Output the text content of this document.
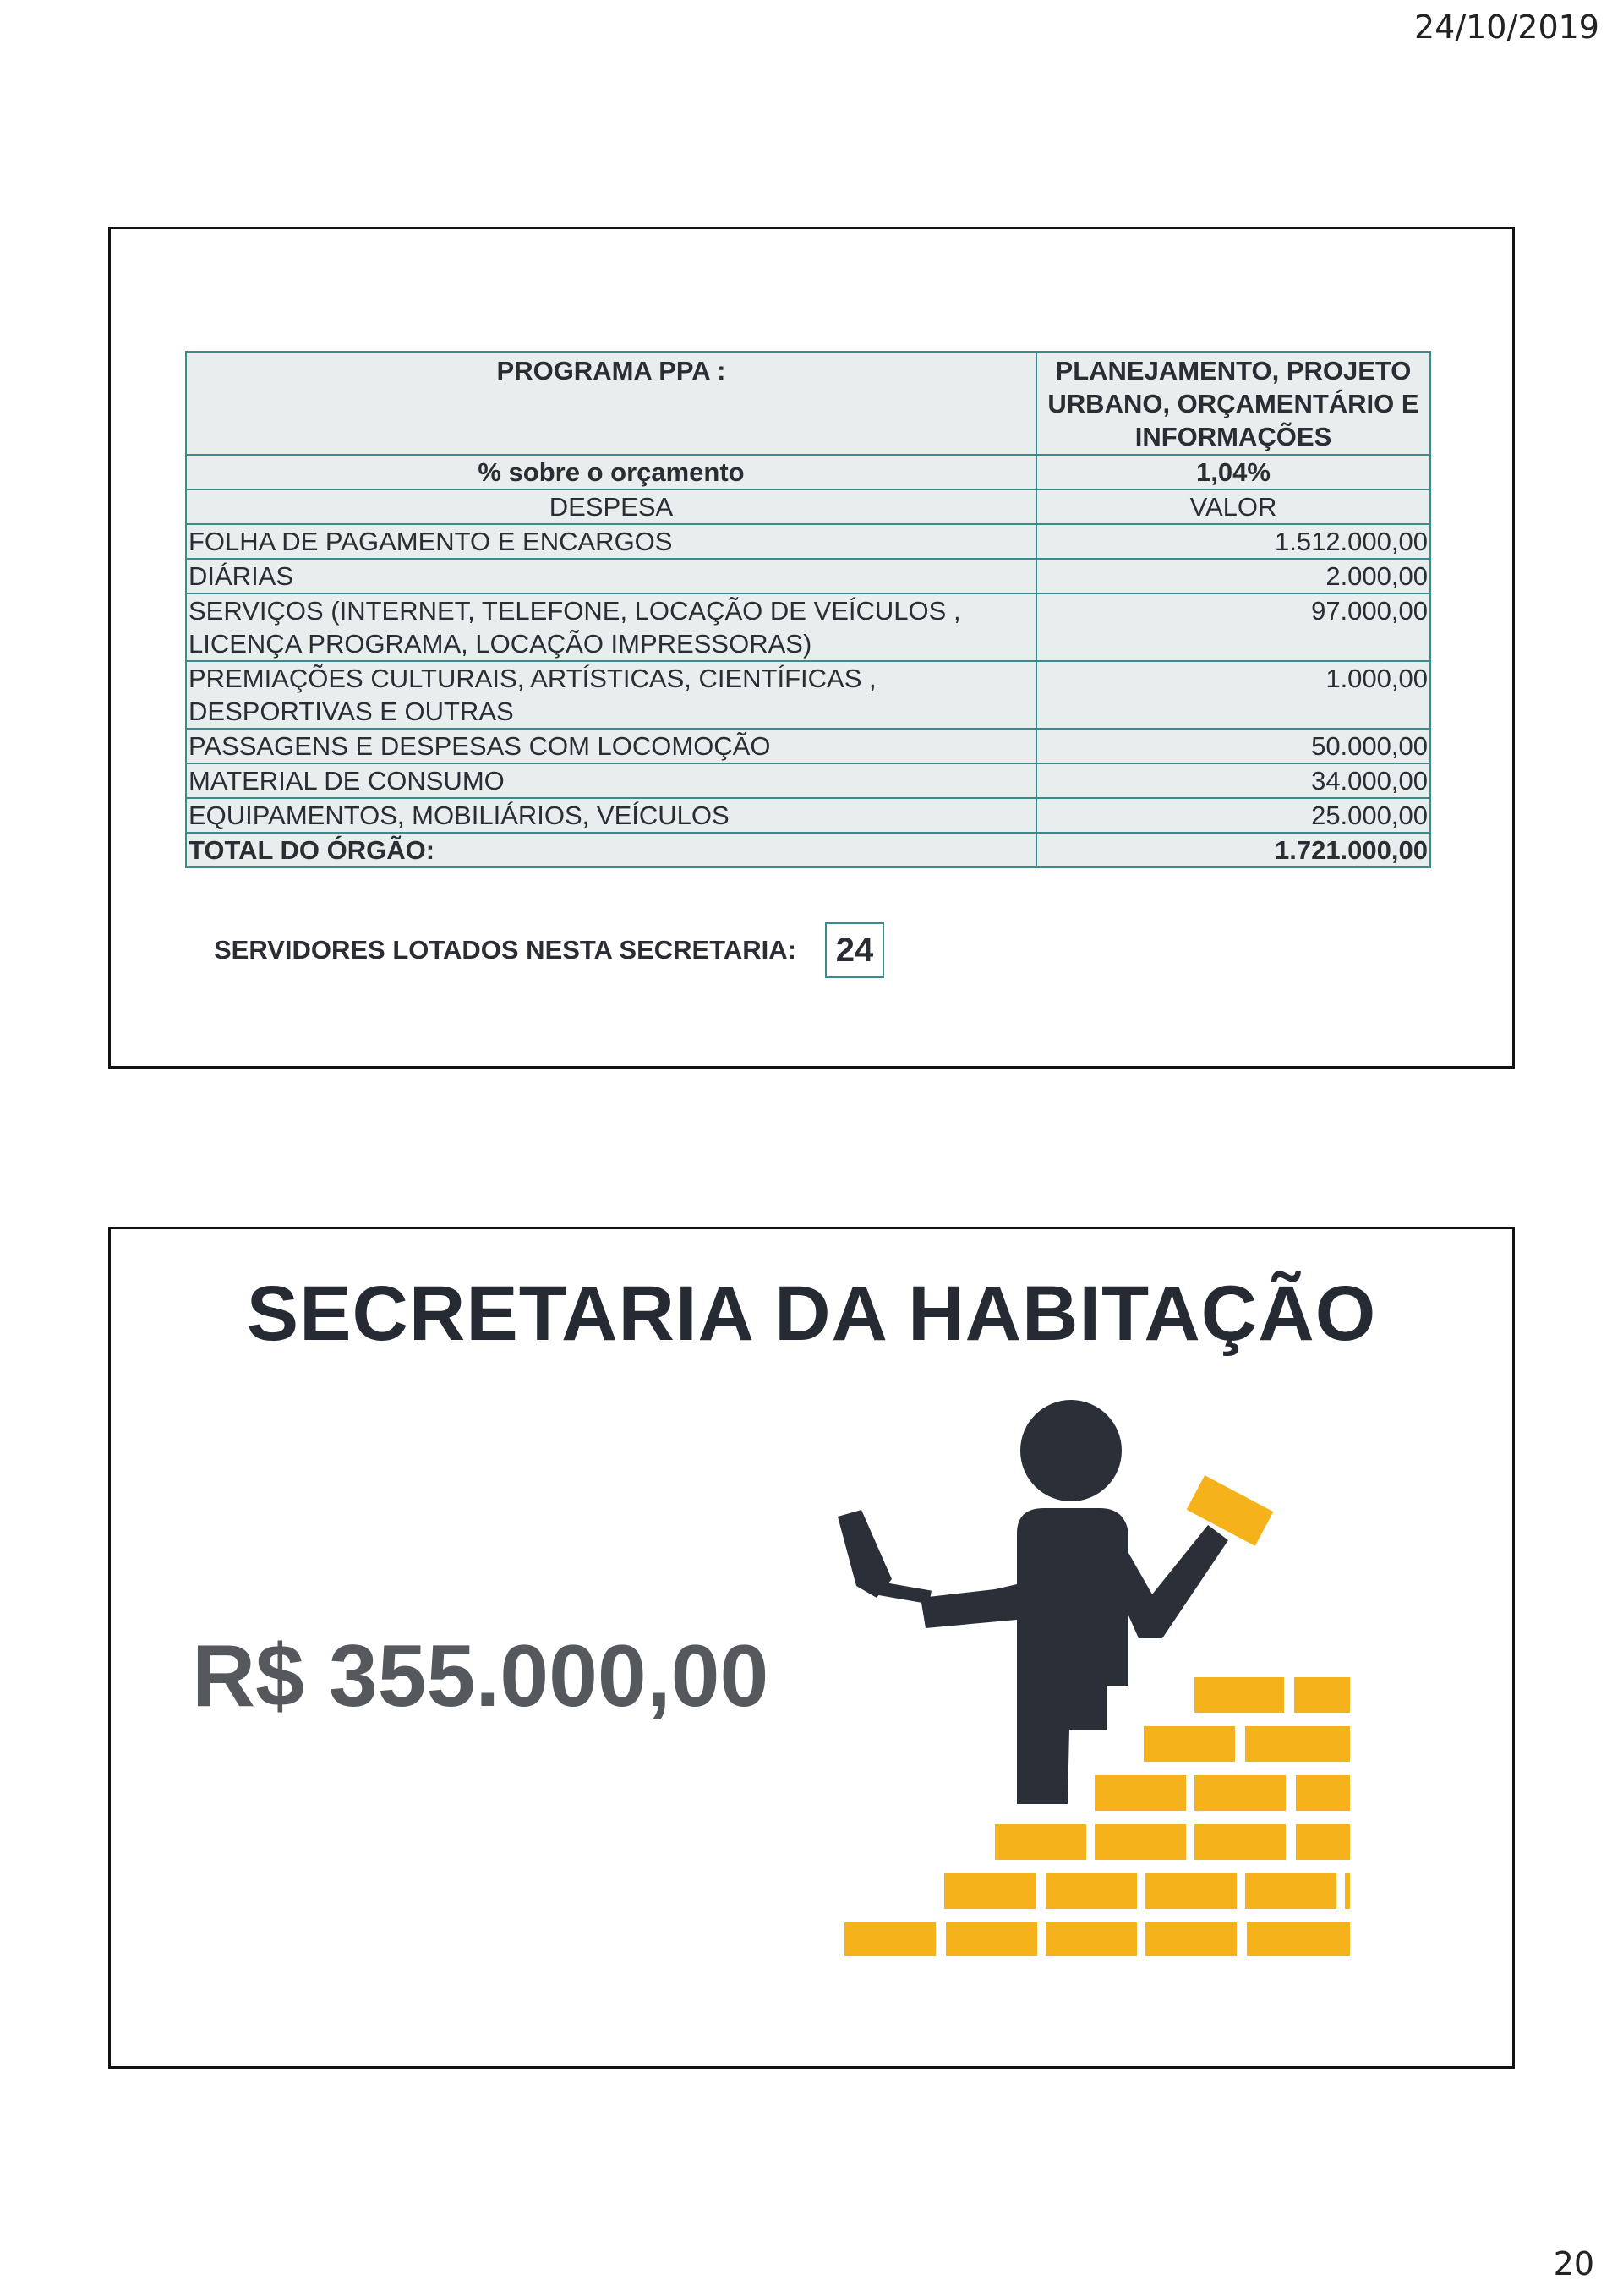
24/10/2019
PROGRAMA PPA :	PLANEJAMENTO, PROJETO URBANO, ORÇAMENTÁRIO E INFORMAÇÕES
% sobre o orçamento	1,04%
DESPESA	VALOR
FOLHA DE PAGAMENTO E ENCARGOS	1.512.000,00
DIÁRIAS	2.000,00
SERVIÇOS (INTERNET, TELEFONE, LOCAÇÃO DE VEÍCULOS , LICENÇA PROGRAMA, LOCAÇÃO IMPRESSORAS)	97.000,00
PREMIAÇÕES CULTURAIS, ARTÍSTICAS, CIENTÍFICAS , DESPORTIVAS E OUTRAS	1.000,00
PASSAGENS E DESPESAS COM LOCOMOÇÃO	50.000,00
MATERIAL DE CONSUMO	34.000,00
EQUIPAMENTOS, MOBILIÁRIOS, VEÍCULOS	25.000,00
TOTAL DO ÓRGÃO:	1.721.000,00
SERVIDORES LOTADOS NESTA SECRETARIA:	24
SECRETARIA DA HABITAÇÃO
R$ 355.000,00
20
